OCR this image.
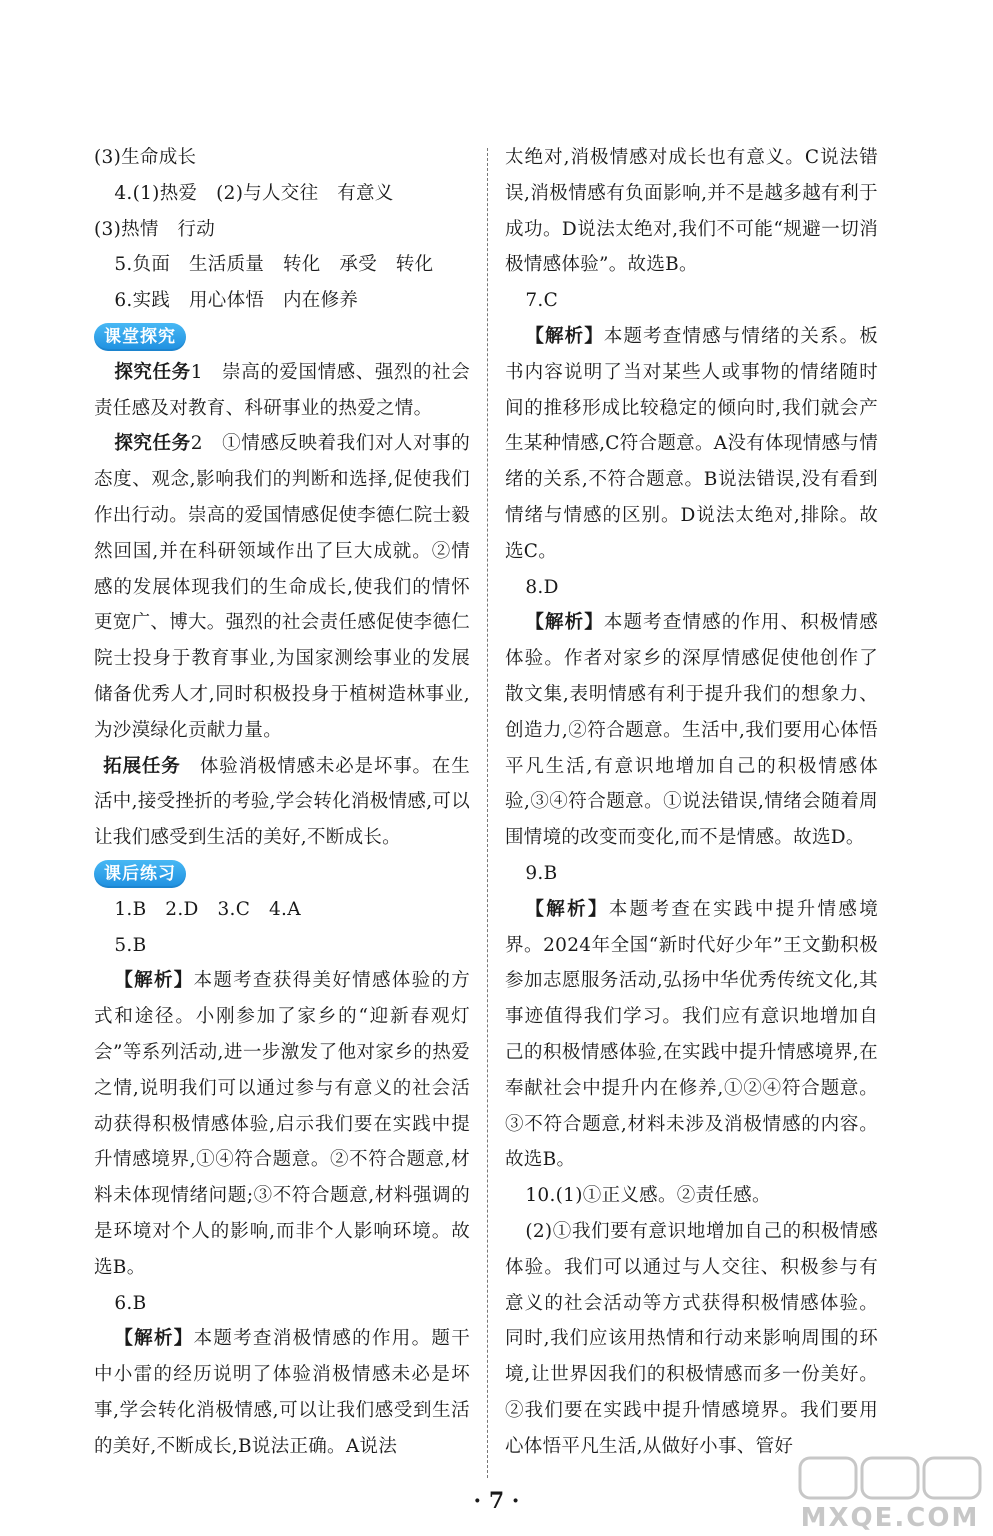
(3)生命成长

4.(1)热爱　(2)与人交往　有意义

(3)热情　行动

5.负面　生活质量　转化　承受　转化

6.实践　用心体悟　内在修养

课堂探究

探究任务1　崇高的爱国情感、强烈的社会责任感及对教育、科研事业的热爱之情。

探究任务2　①情感反映着我们对人对事的态度、观念,影响我们的判断和选择,促使我们作出行动。崇高的爱国情感促使李德仁院士毅然回国,并在科研领域作出了巨大成就。②情感的发展体现我们的生命成长,使我们的情怀更宽广、博大。强烈的社会责任感促使李德仁院士投身于教育事业,为国家测绘事业的发展储备优秀人才,同时积极投身于植树造林事业,为沙漠绿化贡献力量。

拓展任务　体验消极情感未必是坏事。在生活中,接受挫折的考验,学会转化消极情感,可以让我们感受到生活的美好,不断成长。

课后练习

1.B　2.D　3.C　4.A

5.B

【解析】本题考查获得美好情感体验的方式和途径。小刚参加了家乡的“迎新春观灯会”等系列活动,进一步激发了他对家乡的热爱之情,说明我们可以通过参与有意义的社会活动获得积极情感体验,启示我们要在实践中提升情感境界,①④符合题意。②不符合题意,材料未体现情绪问题;③不符合题意,材料强调的是环境对个人的影响,而非个人影响环境。故选B。

6.B

【解析】本题考查消极情感的作用。题干中小雷的经历说明了体验消极情感未必是坏事,学会转化消极情感,可以让我们感受到生活的美好,不断成长,B说法正确。A说法

太绝对,消极情感对成长也有意义。C说法错误,消极情感有负面影响,并不是越多越有利于成功。D说法太绝对,我们不可能“规避一切消极情感体验”。故选B。

7.C

【解析】本题考查情感与情绪的关系。板书内容说明了当对某些人或事物的情绪随时间的推移形成比较稳定的倾向时,我们就会产生某种情感,C符合题意。A没有体现情感与情绪的关系,不符合题意。B说法错误,没有看到情绪与情感的区别。D说法太绝对,排除。故选C。

8.D

【解析】本题考查情感的作用、积极情感体验。作者对家乡的深厚情感促使他创作了散文集,表明情感有利于提升我们的想象力、创造力,②符合题意。生活中,我们要用心体悟平凡生活,有意识地增加自己的积极情感体验,③④符合题意。①说法错误,情绪会随着周围情境的改变而变化,而不是情感。故选D。

9.B

【解析】本题考查在实践中提升情感境界。2024年全国“新时代好少年”王文勤积极参加志愿服务活动,弘扬中华优秀传统文化,其事迹值得我们学习。我们应有意识地增加自己的积极情感体验,在实践中提升情感境界,在奉献社会中提升内在修养,①②④符合题意。③不符合题意,材料未涉及消极情感的内容。故选B。

10.(1)①正义感。②责任感。

(2)①我们要有意识地增加自己的积极情感体验。我们可以通过与人交往、积极参与有意义的社会活动等方式获得积极情感体验。同时,我们应该用热情和行动来影响周围的环境,让世界因我们的积极情感而多一份美好。②我们要在实践中提升情感境界。我们要用心体悟平凡生活,从做好小事、管好

· 7 ·
MXQE.COM
